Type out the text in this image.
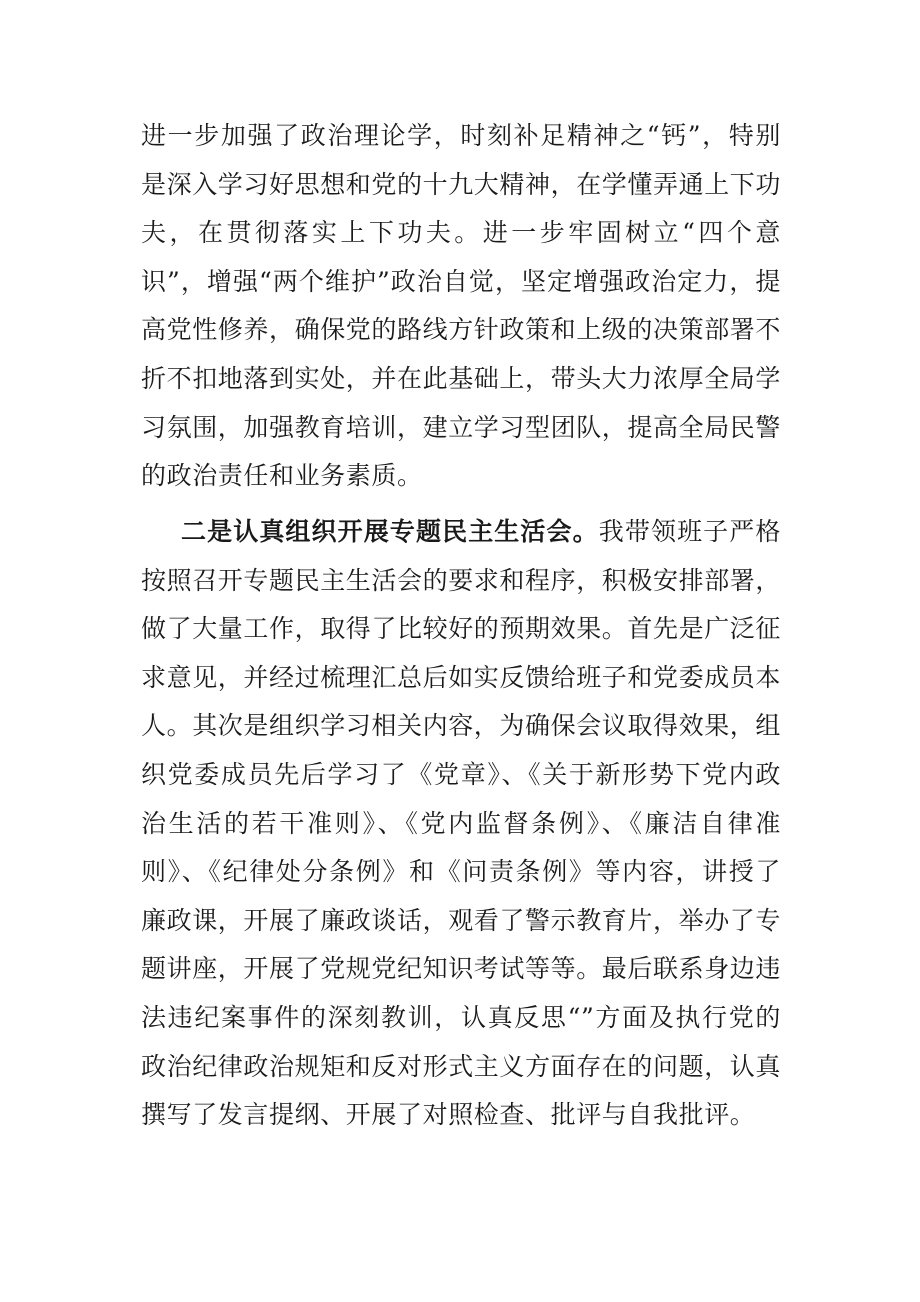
进一步加强了政治理论学，时刻补足精神之“钙”，特别是深入学习好思想和党的十九大精神，在学懂弄通上下功夫，在贯彻落实上下功夫。进一步牢固树立“四个意识”，增强“两个维护”政治自觉，坚定增强政治定力，提高党性修养，确保党的路线方针政策和上级的决策部署不折不扣地落到实处，并在此基础上，带头大力浓厚全局学习氛围，加强教育培训，建立学习型团队，提高全局民警的政治责任和业务素质。

二是认真组织开展专题民主生活会。我带领班子严格按照召开专题民主生活会的要求和程序，积极安排部署，做了大量工作，取得了比较好的预期效果。首先是广泛征求意见，并经过梳理汇总后如实反馈给班子和党委成员本人。其次是组织学习相关内容，为确保会议取得效果，组织党委成员先后学习了《党章》、《关于新形势下党内政治生活的若干准则》、《党内监督条例》、《廉洁自律准则》、《纪律处分条例》和《问责条例》等内容，讲授了廉政课，开展了廉政谈话，观看了警示教育片，举办了专题讲座，开展了党规党纪知识考试等等。最后联系身边违法违纪案事件的深刻教训，认真反思“”方面及执行党的政治纪律政治规矩和反对形式主义方面存在的问题，认真撰写了发言提纲、开展了对照检查、批评与自我批评。
